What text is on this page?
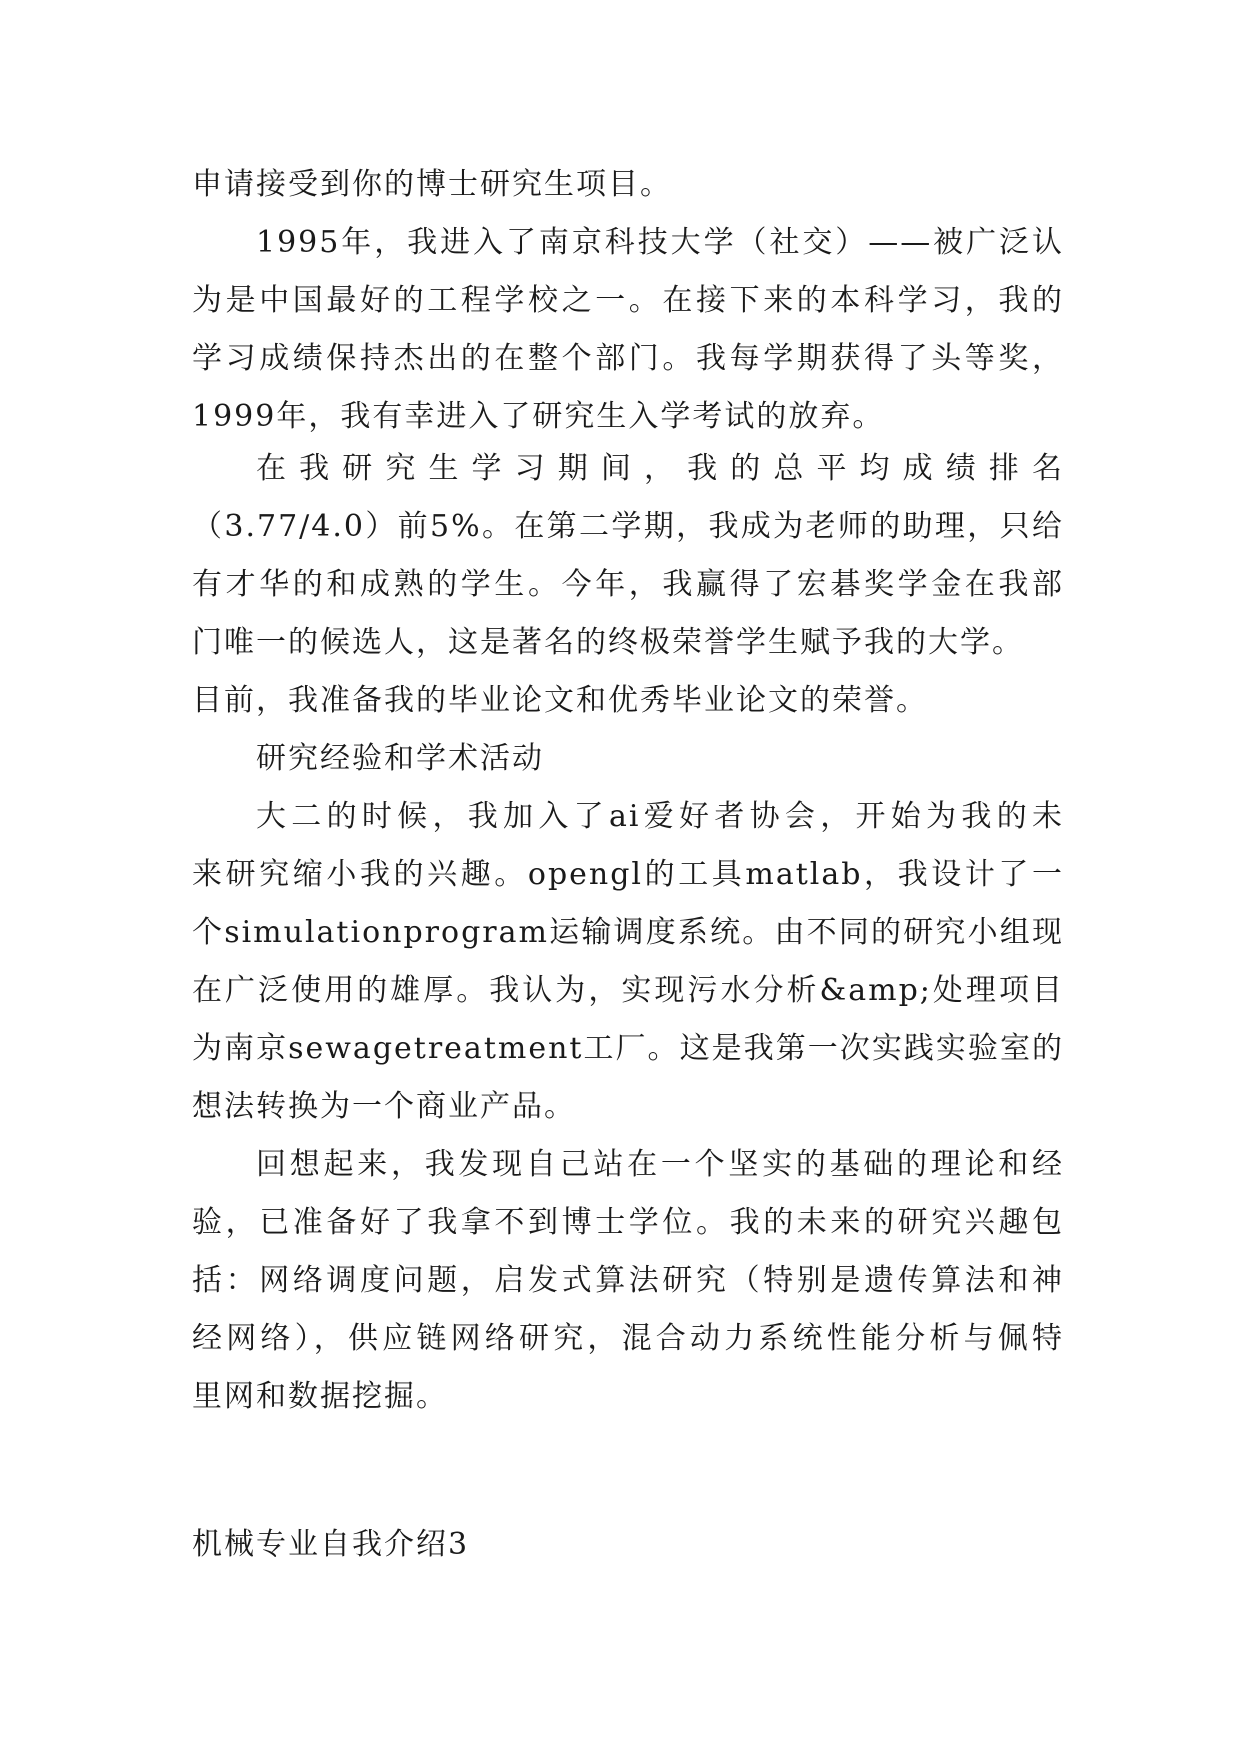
申请接受到你的博士研究生项目。
1995年，我进入了南京科技大学（社交）——被广泛认
为是中国最好的工程学校之一。在接下来的本科学习，我的
学习成绩保持杰出的在整个部门。我每学期获得了头等奖，
1999年，我有幸进入了研究生入学考试的放弃。
在我研究生学习期间，我的总平均成绩排名
（3.77/4.0）前5%。在第二学期，我成为老师的助理，只给
有才华的和成熟的学生。今年，我赢得了宏碁奖学金在我部
门唯一的候选人，这是著名的终极荣誉学生赋予我的大学。
目前，我准备我的毕业论文和优秀毕业论文的荣誉。
研究经验和学术活动
大二的时候，我加入了ai爱好者协会，开始为我的未
来研究缩小我的兴趣。opengl的工具matlab，我设计了一
个simulationprogram运输调度系统。由不同的研究小组现
在广泛使用的雄厚。我认为，实现污水分析&amp;处理项目
为南京sewagetreatment工厂。这是我第一次实践实验室的
想法转换为一个商业产品。
回想起来，我发现自己站在一个坚实的基础的理论和经
验，已准备好了我拿不到博士学位。我的未来的研究兴趣包
括：网络调度问题，启发式算法研究（特别是遗传算法和神
经网络），供应链网络研究，混合动力系统性能分析与佩特
里网和数据挖掘。
机械专业自我介绍3
